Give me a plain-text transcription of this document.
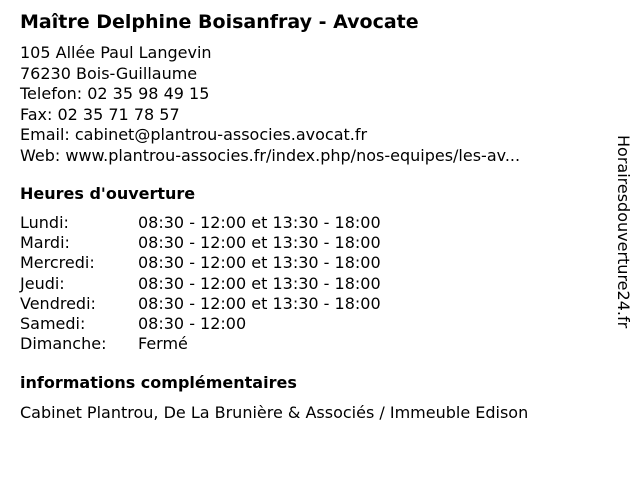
Maître Delphine Boisanfray - Avocate
105 Allée Paul Langevin
76230 Bois-Guillaume
Telefon: 02 35 98 49 15
Fax: 02 35 71 78 57
Email: cabinet@plantrou-associes.avocat.fr
Web: www.plantrou-associes.fr/index.php/nos-equipes/les-av...
Heures d'ouverture
Lundi:	08:30 - 12:00 et 13:30 - 18:00
Mardi:	08:30 - 12:00 et 13:30 - 18:00
Mercredi:	08:30 - 12:00 et 13:30 - 18:00
Jeudi:	08:30 - 12:00 et 13:30 - 18:00
Vendredi:	08:30 - 12:00 et 13:30 - 18:00
Samedi:	08:30 - 12:00
Dimanche:	Fermé
informations complémentaires
Cabinet Plantrou, De La Brunière & Associés / Immeuble Edison
Horairesdouverture24.fr
